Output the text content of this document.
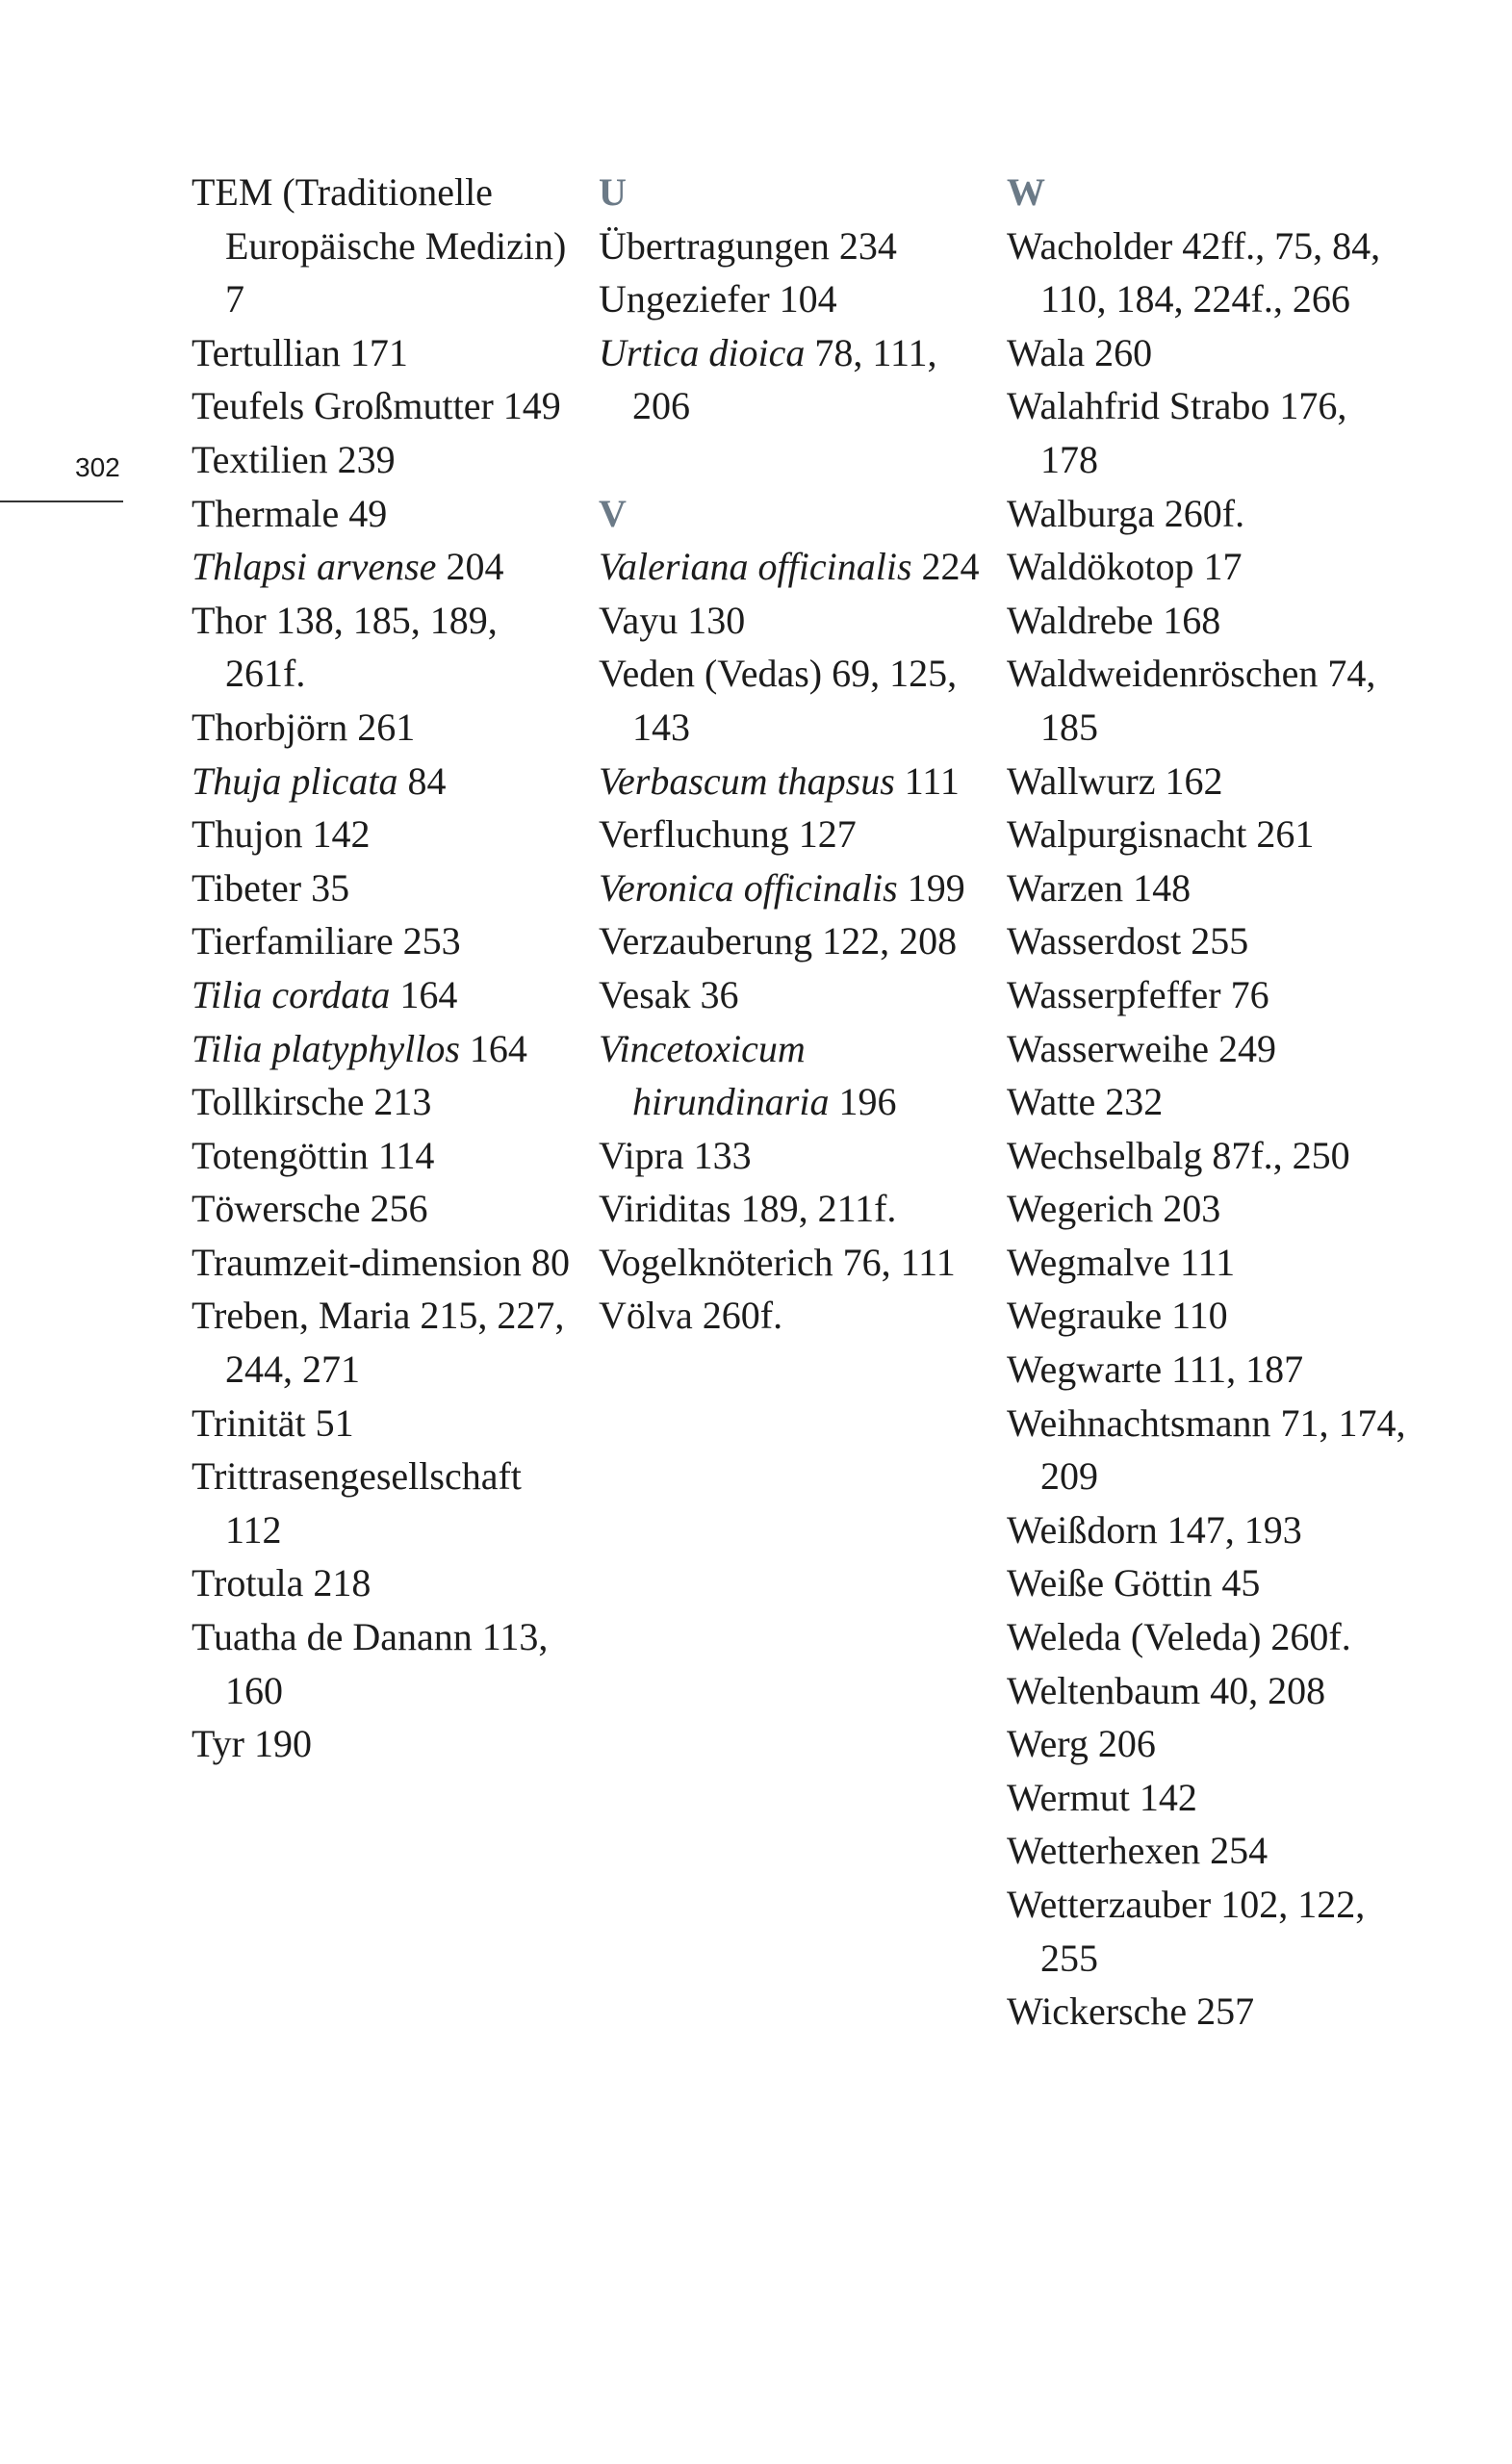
302
TEM (Traditionelle Europäische Medizin) 7
Tertullian 171
Teufels Großmutter 149
Textilien 239
Thermale 49
Thlapsi arvense 204
Thor 138, 185, 189, 261f.
Thorbjörn 261
Thuja plicata 84
Thujon 142
Tibeter 35
Tierfamiliare 253
Tilia cordata 164
Tilia platyphyllos 164
Tollkirsche 213
Totengöttin 114
Töwersche 256
Traumzeit-dimension 80
Treben, Maria 215, 227, 244, 271
Trinität 51
Trittrasengesellschaft 112
Trotula 218
Tuatha de Danann 113, 160
Tyr 190
U
Übertragungen 234
Ungeziefer 104
Urtica dioica 78, 111, 206
V
Valeriana officinalis 224
Vayu 130
Veden (Vedas) 69, 125, 143
Verbascum thapsus 111
Verfluchung 127
Veronica officinalis 199
Verzauberung 122, 208
Vesak 36
Vincetoxicum hirundinaria 196
Vipra 133
Viriditas 189, 211f.
Vogelknöterich 76, 111
Völva 260f.
W
Wacholder 42ff., 75, 84, 110, 184, 224f., 266
Wala 260
Walahfrid Strabo 176, 178
Walburga 260f.
Waldökotop 17
Waldrebe 168
Waldweidenröschen 74, 185
Wallwurz 162
Walpurgisnacht 261
Warzen 148
Wasserdost 255
Wasserpfeffer 76
Wasserweihe 249
Watte 232
Wechselbalg 87f., 250
Wegerich 203
Wegmalve 111
Wegrauke 110
Wegwarte 111, 187
Weihnachtsmann 71, 174, 209
Weißdorn 147, 193
Weiße Göttin 45
Weleda (Veleda) 260f.
Weltenbaum 40, 208
Werg 206
Wermut 142
Wetterhexen 254
Wetterzauber 102, 122, 255
Wickersche 257
